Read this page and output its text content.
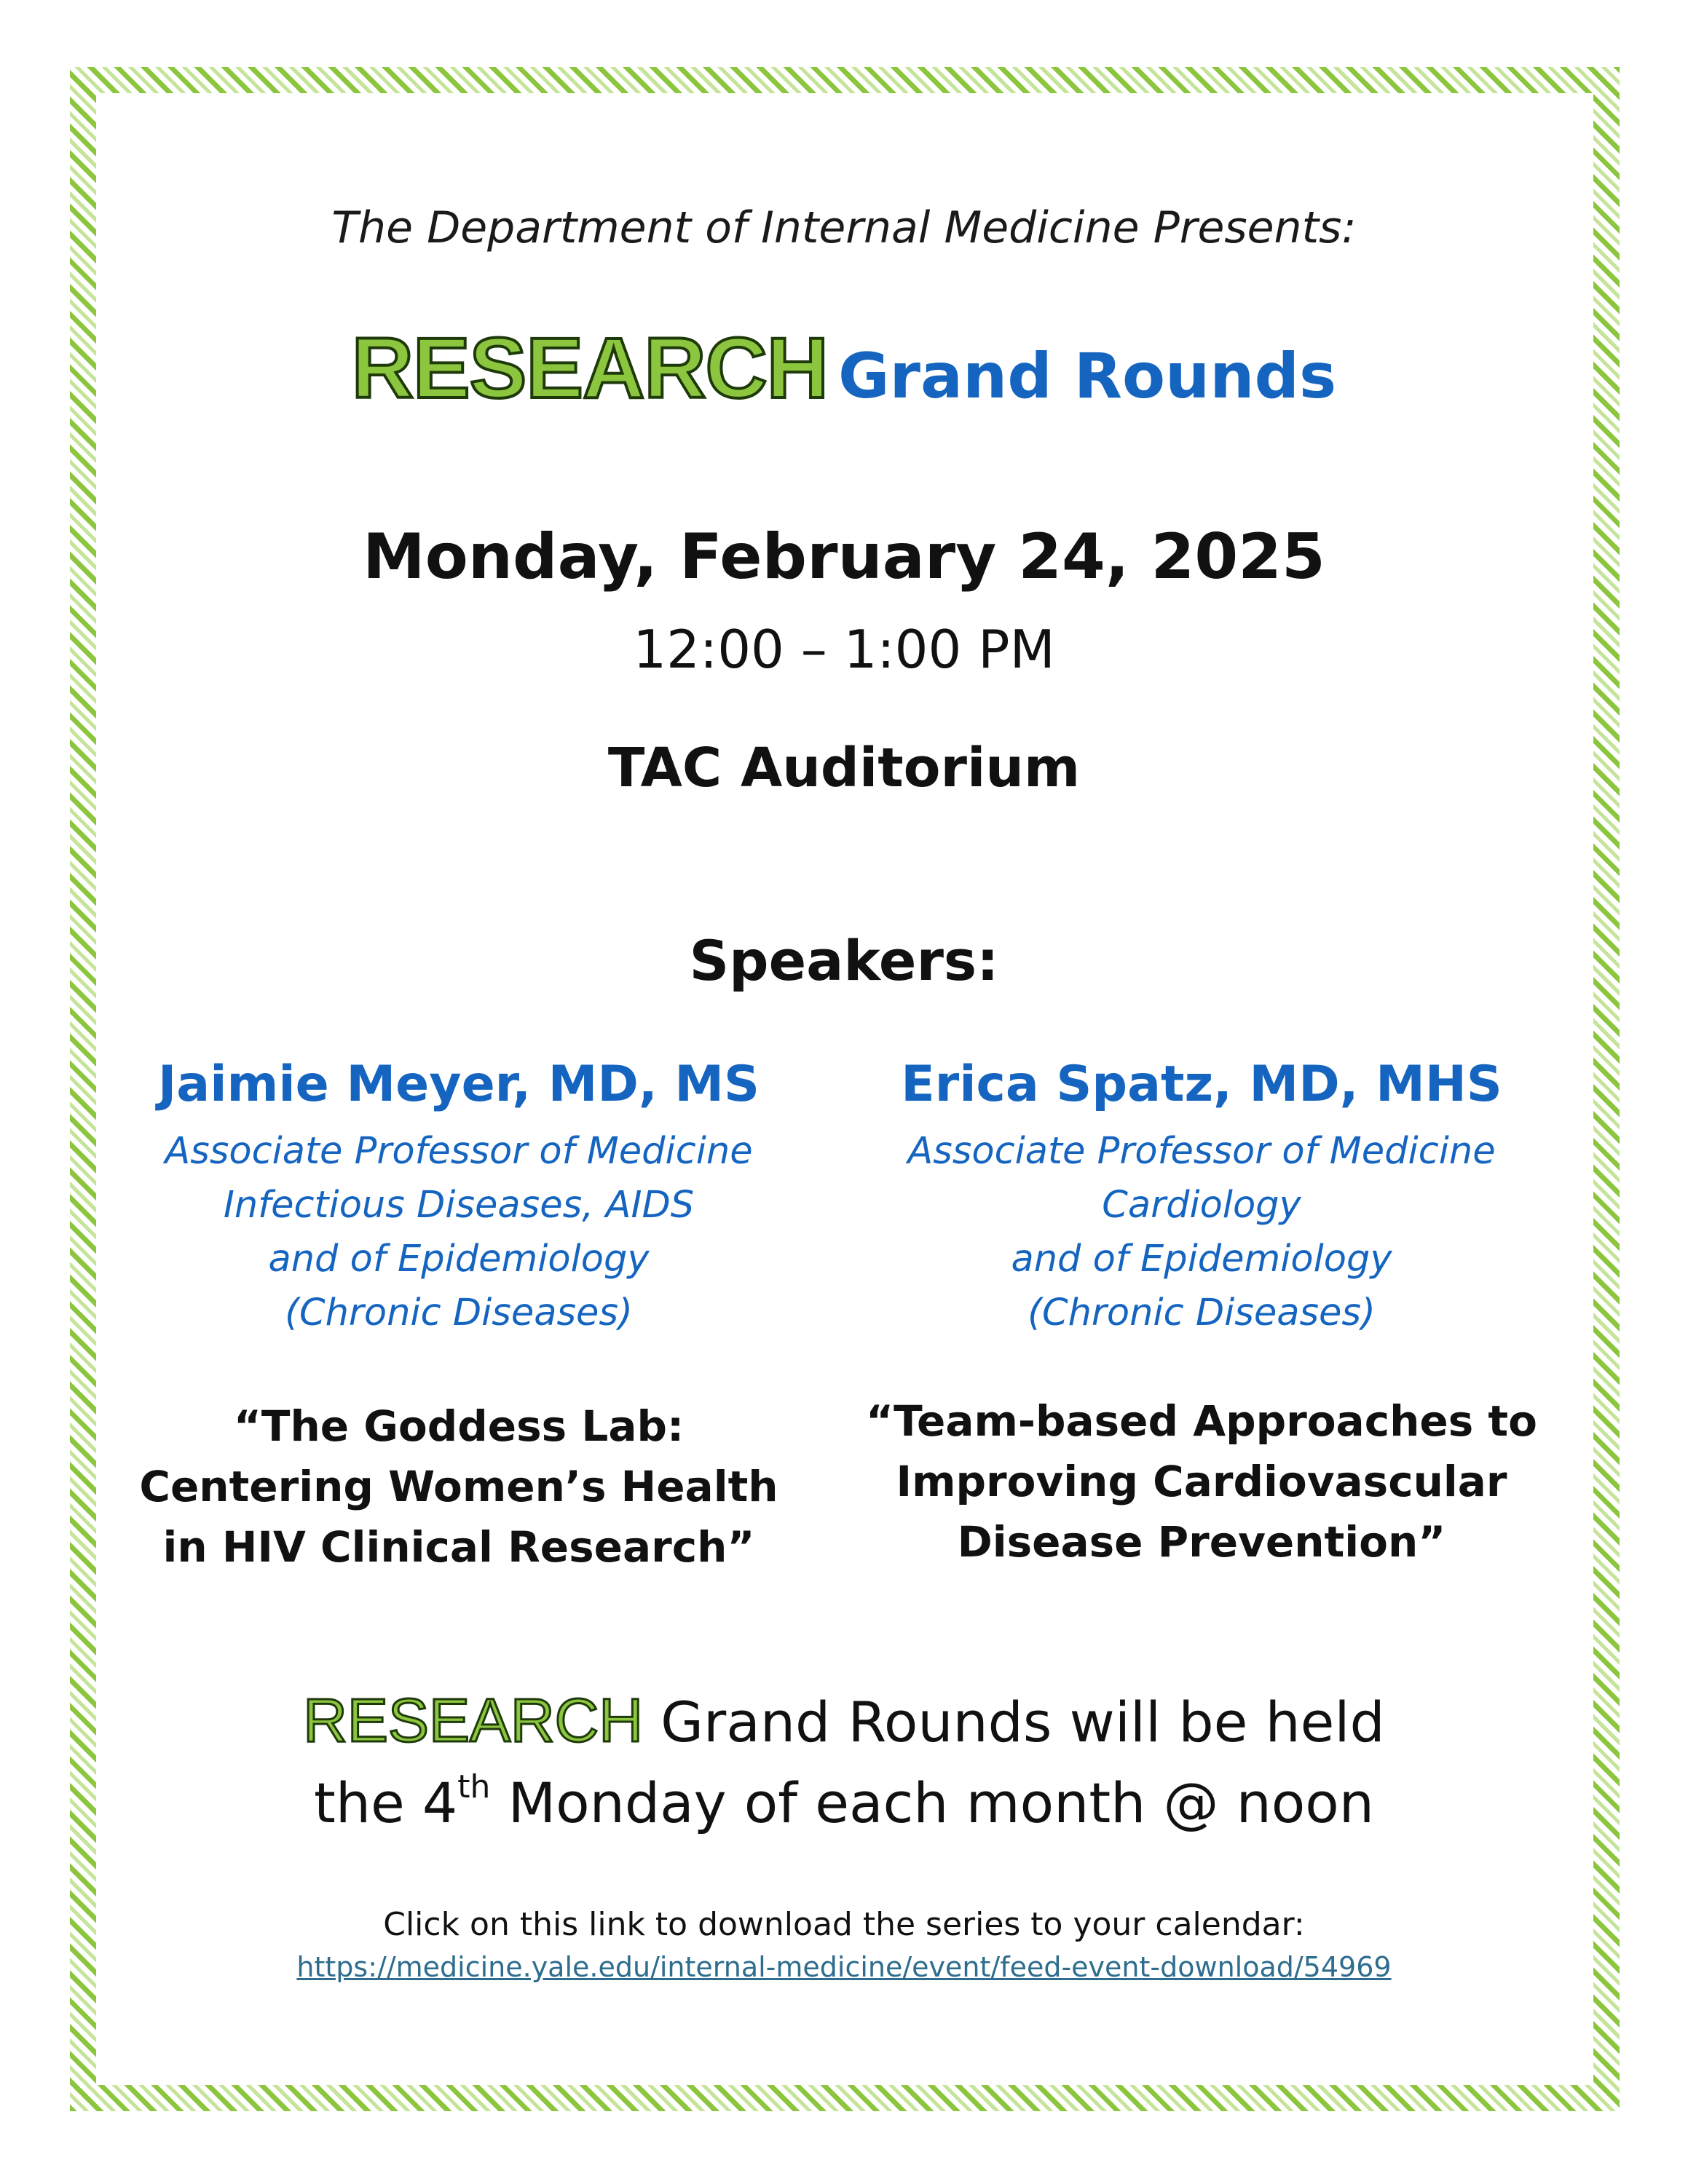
The Department of Internal Medicine Presents:
RESEARCH Grand Rounds
Monday, February 24, 2025
12:00 – 1:00 PM
TAC Auditorium
Speakers:
Jaimie Meyer, MD, MS
Associate Professor of Medicine
Infectious Diseases, AIDS
and of Epidemiology
(Chronic Diseases)
“The Goddess Lab:
Centering Women’s Health
in HIV Clinical Research”
Erica Spatz, MD, MHS
Associate Professor of Medicine
Cardiology
and of Epidemiology
(Chronic Diseases)
“Team-based Approaches to
Improving Cardiovascular
Disease Prevention”
RESEARCH Grand Rounds will be held
the 4th Monday of each month @ noon
Click on this link to download the series to your calendar:
https://medicine.yale.edu/internal-medicine/event/feed-event-download/54969
